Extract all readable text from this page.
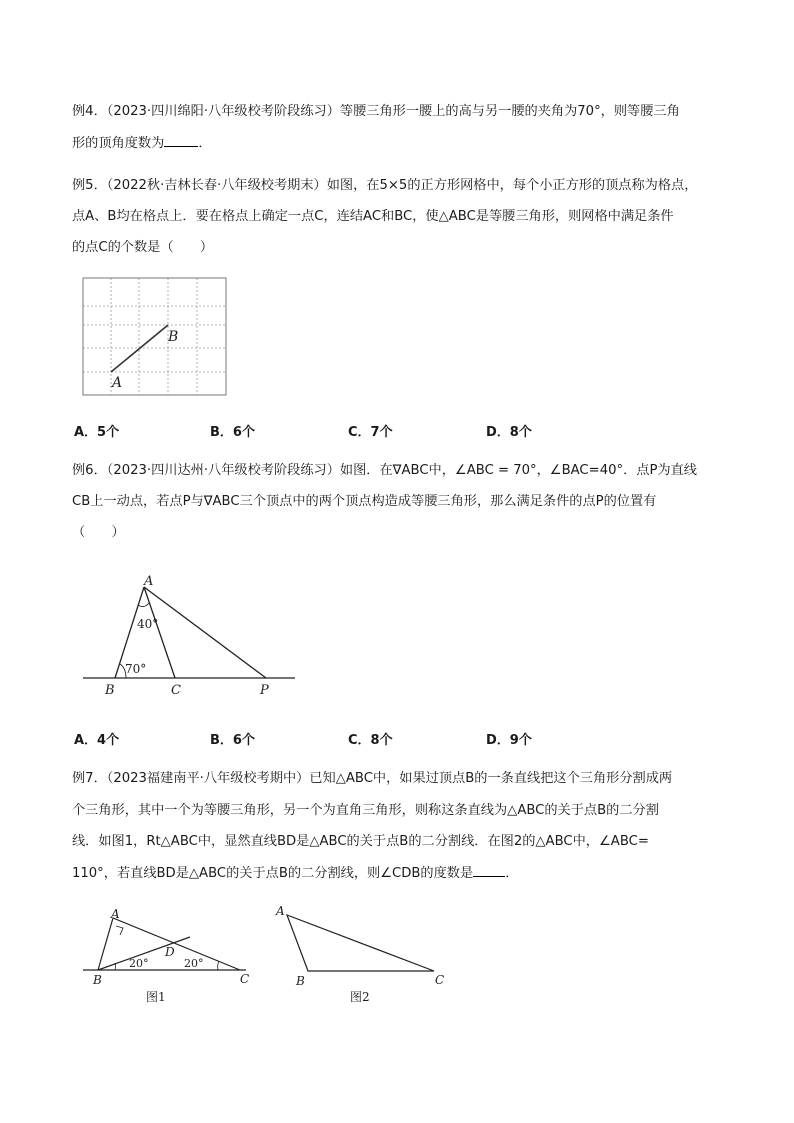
例4．（2023·四川绵阳·八年级校考阶段练习）等腰三角形一腰上的高与另一腰的夹角为70°，则等腰三角
形的顶角度数为	．
例5．（2022秋·吉林长春·八年级校考期末）如图，在5×5的正方形网格中，每个小正方形的顶点称为格点，
点A、B均在格点上．要在格点上确定一点C，连结AC和BC，使△ABC是等腰三角形，则网格中满足条件
的点C的个数是（　　）
A
B
A．5个	B．6个	C．7个	D．8个
例6．（2023·四川达州·八年级校考阶段练习）如图．在∇ABC中，∠ABC = 70°，∠BAC=40°．点P为直线
CB上一动点，若点P与∇ABC三个顶点中的两个顶点构造成等腰三角形，那么满足条件的点P的位置有
（　　）
A
B	C	P
40°
70°
A．4个	B．6个	C．8个	D．9个
例7．（2023福建南平·八年级校考期中）已知△ABC中，如果过顶点B的一条直线把这个三角形分割成两
个三角形，其中一个为等腰三角形，另一个为直角三角形，则称这条直线为△ABC的关于点B的二分割
线．如图1，Rt△ABC中，显然直线BD是△ABC的关于点B的二分割线．在图2的△ABC中，∠ABC=
110°，若直线BD是△ABC的关于点B的二分割线，则∠CDB的度数是 ．
A
B	C
D
20°	20°
图1
A
B	C
图2
